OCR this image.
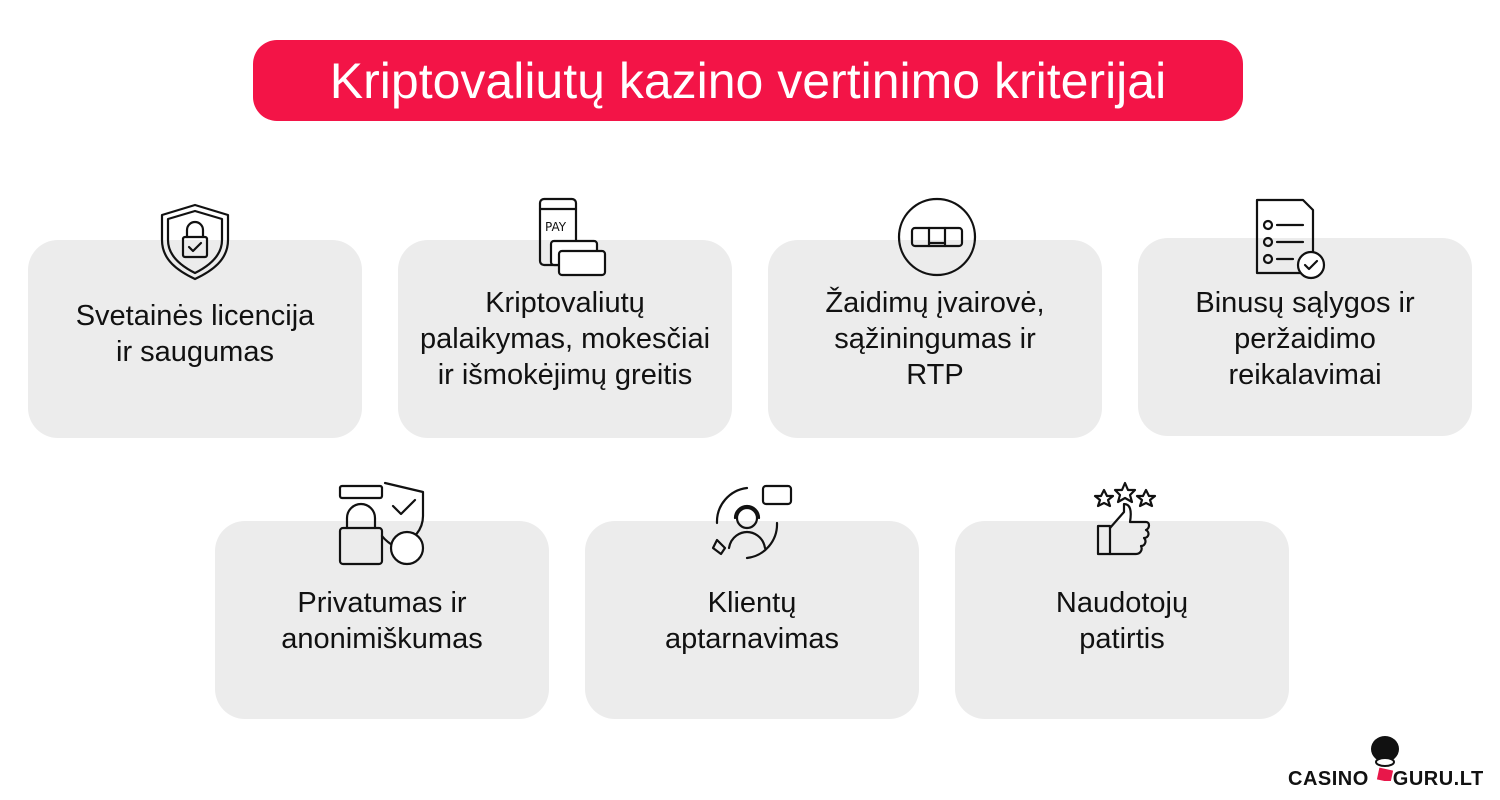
Kriptovaliutų kazino vertinimo kriterijai
Svetainės licencija
ir saugumas
Kriptovaliutų
palaikymas, mokesčiai
ir išmokėjimų greitis
Žaidimų įvairovė,
sąžiningumas ir
RTP
Binusų sąlygos ir
peržaidimo
reikalavimai
Privatumas ir
anonimiškumas
Klientų
aptarnavimas
Naudotojų
patirtis
PAY
CASINO GURU.LT
